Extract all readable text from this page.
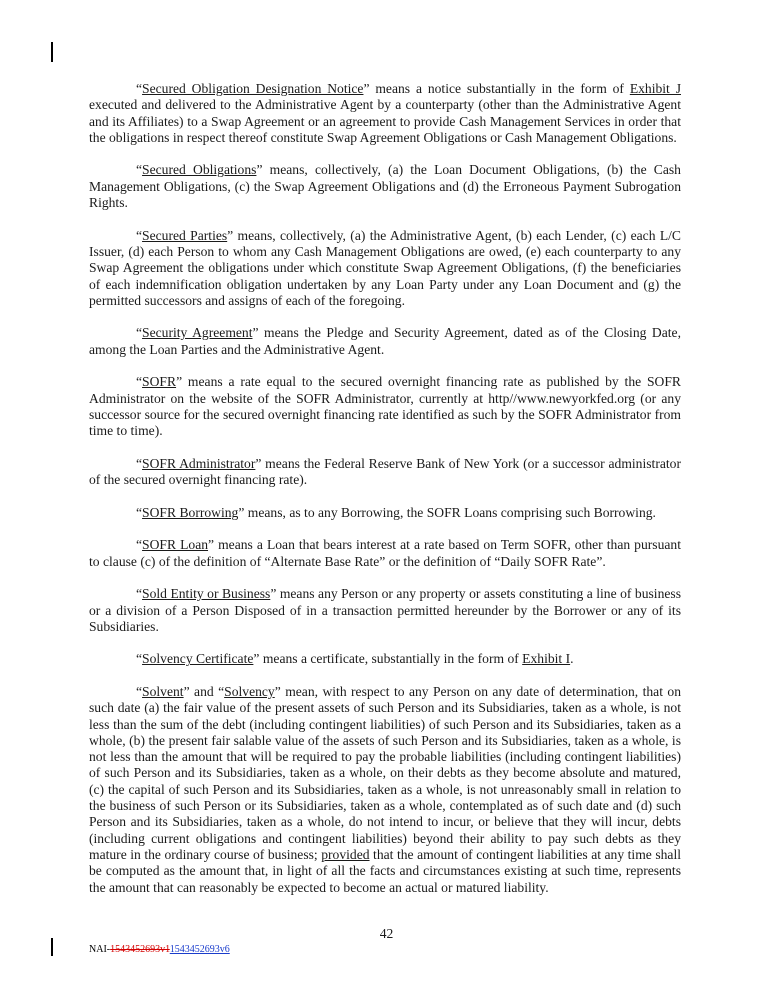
“Secured Obligation Designation Notice” means a notice substantially in the form of Exhibit J executed and delivered to the Administrative Agent by a counterparty (other than the Administrative Agent and its Affiliates) to a Swap Agreement or an agreement to provide Cash Management Services in order that the obligations in respect thereof constitute Swap Agreement Obligations or Cash Management Obligations.

“Secured Obligations” means, collectively, (a) the Loan Document Obligations, (b) the Cash Management Obligations, (c) the Swap Agreement Obligations and (d) the Erroneous Payment Subrogation Rights.

“Secured Parties” means, collectively, (a) the Administrative Agent, (b) each Lender, (c) each L/C Issuer, (d) each Person to whom any Cash Management Obligations are owed, (e) each counterparty to any Swap Agreement the obligations under which constitute Swap Agreement Obligations, (f) the beneficiaries of each indemnification obligation undertaken by any Loan Party under any Loan Document and (g) the permitted successors and assigns of each of the foregoing.

“Security Agreement” means the Pledge and Security Agreement, dated as of the Closing Date, among the Loan Parties and the Administrative Agent.

“SOFR” means a rate equal to the secured overnight financing rate as published by the SOFR Administrator on the website of the SOFR Administrator, currently at http//www.newyorkfed.org (or any successor source for the secured overnight financing rate identified as such by the SOFR Administrator from time to time).

“SOFR Administrator” means the Federal Reserve Bank of New York (or a successor administrator of the secured overnight financing rate).

“SOFR Borrowing” means, as to any Borrowing, the SOFR Loans comprising such Borrowing.

“SOFR Loan” means a Loan that bears interest at a rate based on Term SOFR, other than pursuant to clause (c) of the definition of “Alternate Base Rate” or the definition of “Daily SOFR Rate”.

“Sold Entity or Business” means any Person or any property or assets constituting a line of business or a division of a Person Disposed of in a transaction permitted hereunder by the Borrower or any of its Subsidiaries.

“Solvency Certificate” means a certificate, substantially in the form of Exhibit I.

“Solvent” and “Solvency” mean, with respect to any Person on any date of determination, that on such date (a) the fair value of the present assets of such Person and its Subsidiaries, taken as a whole, is not less than the sum of the debt (including contingent liabilities) of such Person and its Subsidiaries, taken as a whole, (b) the present fair salable value of the assets of such Person and its Subsidiaries, taken as a whole, is not less than the amount that will be required to pay the probable liabilities (including contingent liabilities) of such Person and its Subsidiaries, taken as a whole, on their debts as they become absolute and matured, (c) the capital of such Person and its Subsidiaries, taken as a whole, is not unreasonably small in relation to the business of such Person or its Subsidiaries, taken as a whole, contemplated as of such date and (d) such Person and its Subsidiaries, taken as a whole, do not intend to incur, or believe that they will incur, debts (including current obligations and contingent liabilities) beyond their ability to pay such debts as they mature in the ordinary course of business; provided that the amount of contingent liabilities at any time shall be computed as the amount that, in light of all the facts and circumstances existing at such time, represents the amount that can reasonably be expected to become an actual or matured liability.

42
NAI-1543452693v11543452693v6
